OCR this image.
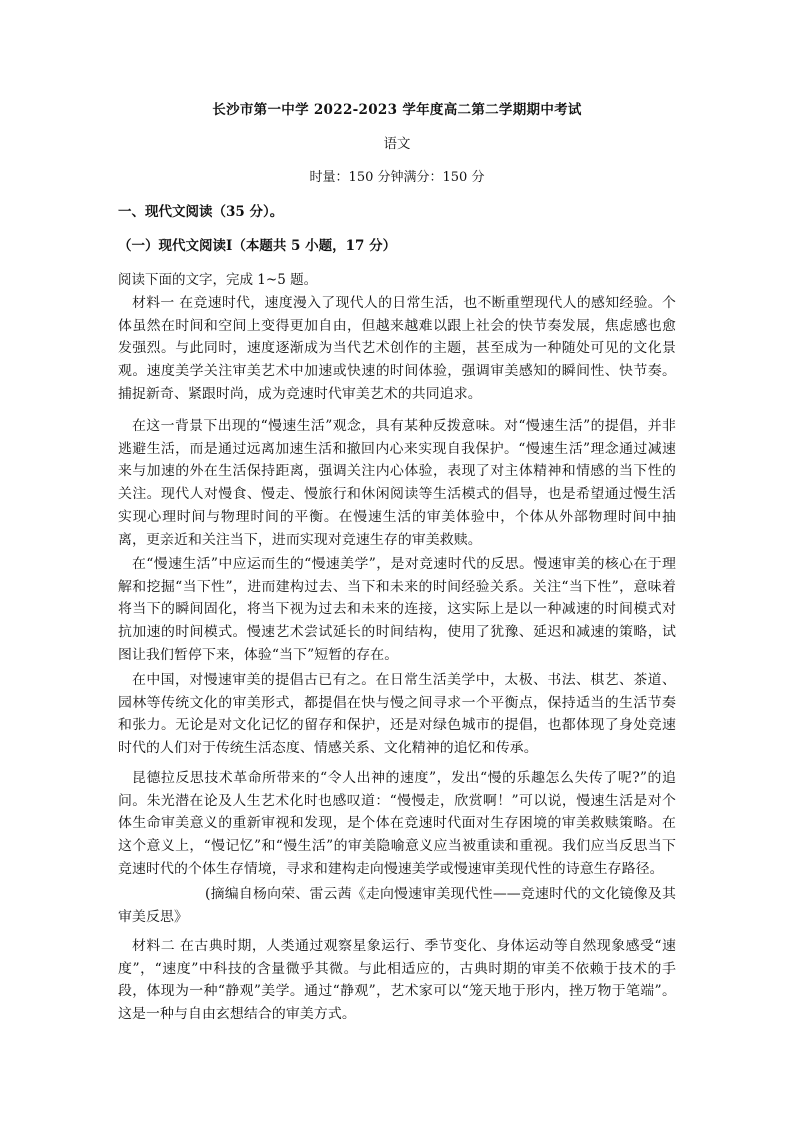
长沙市第一中学 2022-2023 学年度高二第二学期期中考试
语文
时量：150 分钟满分：150 分
一、现代文阅读（35 分）。
（一）现代文阅读Ⅰ（本题共 5 小题，17 分）
阅读下面的文字，完成 1~5 题。

材料一 在竞速时代，速度漫入了现代人的日常生活，也不断重塑现代人的感知经验。个体虽然在时间和空间上变得更加自由，但越来越难以跟上社会的快节奏发展，焦虑感也愈发强烈。与此同时，速度逐渐成为当代艺术创作的主题，甚至成为一种随处可见的文化景观。速度美学关注审美艺术中加速或快速的时间体验，强调审美感知的瞬间性、快节奏。捕捉新奇、紧跟时尚，成为竞速时代审美艺术的共同追求。

在这一背景下出现的“慢速生活”观念，具有某种反拨意味。对“慢速生活”的提倡，并非逃避生活，而是通过远离加速生活和撤回内心来实现自我保护。“慢速生活”理念通过减速来与加速的外在生活保持距离，强调关注内心体验，表现了对主体精神和情感的当下性的关注。现代人对慢食、慢走、慢旅行和休闲阅读等生活模式的倡导，也是希望通过慢生活实现心理时间与物理时间的平衡。在慢速生活的审美体验中，个体从外部物理时间中抽离，更亲近和关注当下，进而实现对竞速生存的审美救赎。

在“慢速生活”中应运而生的“慢速美学”，是对竞速时代的反思。慢速审美的核心在于理解和挖掘“当下性”，进而建构过去、当下和未来的时间经验关系。关注“当下性”，意味着将当下的瞬间固化，将当下视为过去和未来的连接，这实际上是以一种减速的时间模式对抗加速的时间模式。慢速艺术尝试延长的时间结构，使用了犹豫、延迟和减速的策略，试图让我们暂停下来，体验“当下”短暂的存在。

在中国，对慢速审美的提倡古已有之。在日常生活美学中，太极、书法、棋艺、茶道、园林等传统文化的审美形式，都提倡在快与慢之间寻求一个平衡点，保持适当的生活节奏和张力。无论是对文化记忆的留存和保护，还是对绿色城市的提倡，也都体现了身处竞速时代的人们对于传统生活态度、情感关系、文化精神的追忆和传承。

昆德拉反思技术革命所带来的“令人出神的速度”，发出“慢的乐趣怎么失传了呢?”的追问。朱光潜在论及人生艺术化时也感叹道：“慢慢走，欣赏啊！”可以说，慢速生活是对个体生命审美意义的重新审视和发现，是个体在竞速时代面对生存困境的审美救赎策略。在这个意义上，“慢记忆”和“慢生活”的审美隐喻意义应当被重读和重视。我们应当反思当下竞速时代的个体生存情境，寻求和建构走向慢速美学或慢速审美现代性的诗意生存路径。

(摘编自杨向荣、雷云茜《走向慢速审美现代性——竞速时代的文化镜像及其审美反思》

材料二 在古典时期，人类通过观察星象运行、季节变化、身体运动等自然现象感受“速度”，“速度”中科技的含量微乎其微。与此相适应的，古典时期的审美不依赖于技术的手段，体现为一种“静观”美学。通过“静观”，艺术家可以“笼天地于形内，挫万物于笔端”。这是一种与自由玄想结合的审美方式。
